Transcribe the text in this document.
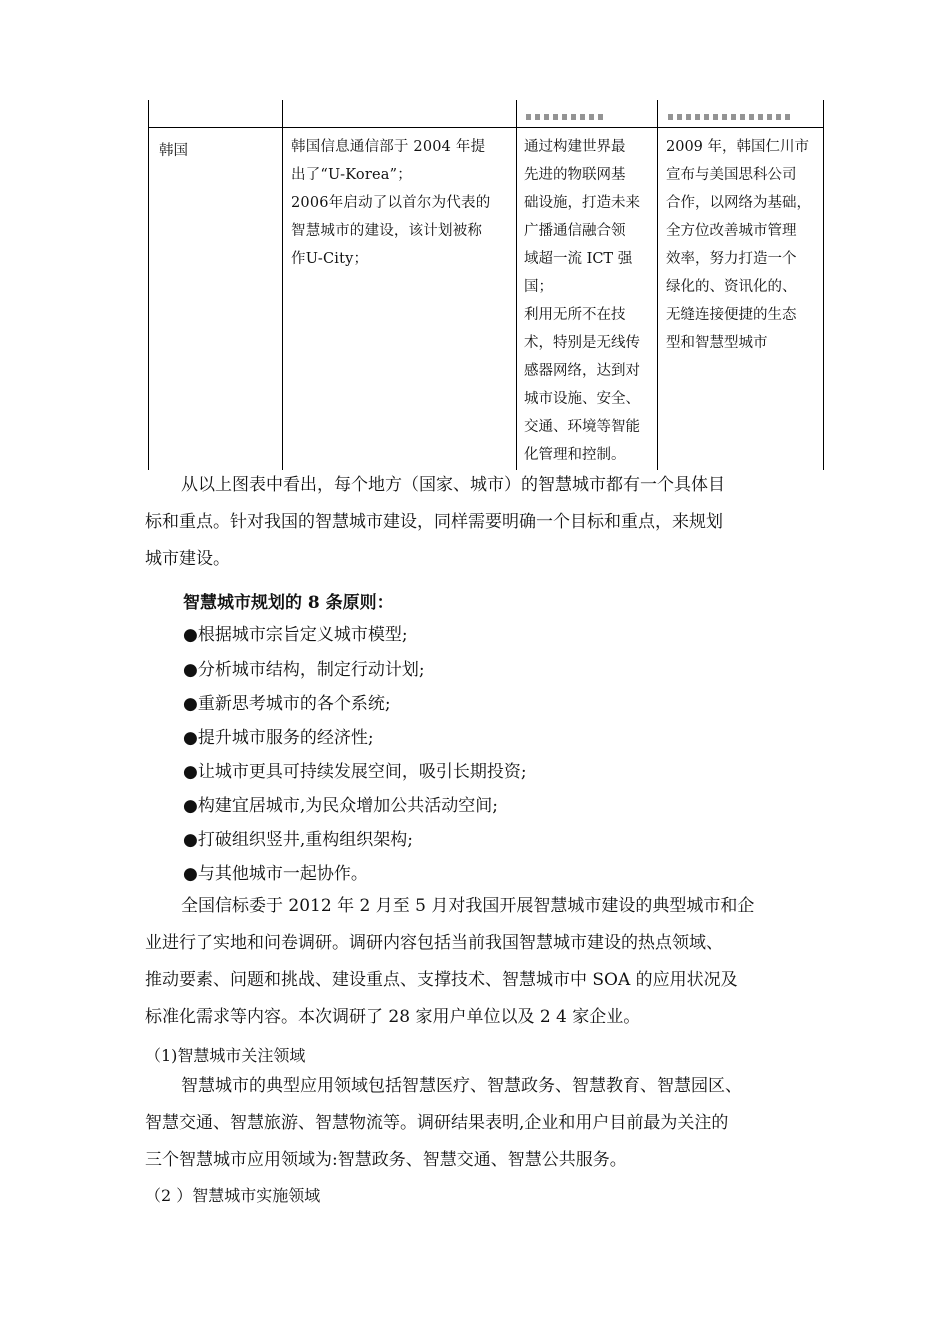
韩国	韩国信息通信部于 2004 年提
出了“U-Korea”；
2006年启动了以首尔为代表的
智慧城市的建设，该计划被称
作U-City；
通过构建世界最
先进的物联网基
础设施，打造未来
广播通信融合领
域超一流 ICT 强
国；
利用无所不在技
术，特别是无线传
感器网络，达到对
城市设施、安全、
交通、环境等智能
化管理和控制。
2009 年，韩国仁川市
宣布与美国思科公司
合作，以网络为基础，
全方位改善城市管理
效率，努力打造一个
绿化的、资讯化的、
无缝连接便捷的生态
型和智慧型城市
从以上图表中看出，每个地方（国家、城市）的智慧城市都有一个具体目
标和重点。针对我国的智慧城市建设，同样需要明确一个目标和重点，来规划
城市建设。
智慧城市规划的 8 条原则：
●根据城市宗旨定义城市模型;
●分析城市结构，制定行动计划;
●重新思考城市的各个系统;
●提升城市服务的经济性;
●让城市更具可持续发展空间，吸引长期投资;
●构建宜居城市,为民众增加公共活动空间;
●打破组织竖井,重构组织架构;
●与其他城市一起协作。
全国信标委于 2012 年 2 月至 5 月对我国开展智慧城市建设的典型城市和企
业进行了实地和问卷调研。调研内容包括当前我国智慧城市建设的热点领域、
推动要素、问题和挑战、建设重点、支撑技术、智慧城市中 SOA 的应用状况及
标准化需求等内容。本次调研了 28 家用户单位以及 2 4 家企业。
（1)智慧城市关注领域
智慧城市的典型应用领域包括智慧医疗、智慧政务、智慧教育、智慧园区、
智慧交通、智慧旅游、智慧物流等。调研结果表明,企业和用户目前最为关注的
三个智慧城市应用领域为:智慧政务、智慧交通、智慧公共服务。
（2 ）智慧城市实施领域
